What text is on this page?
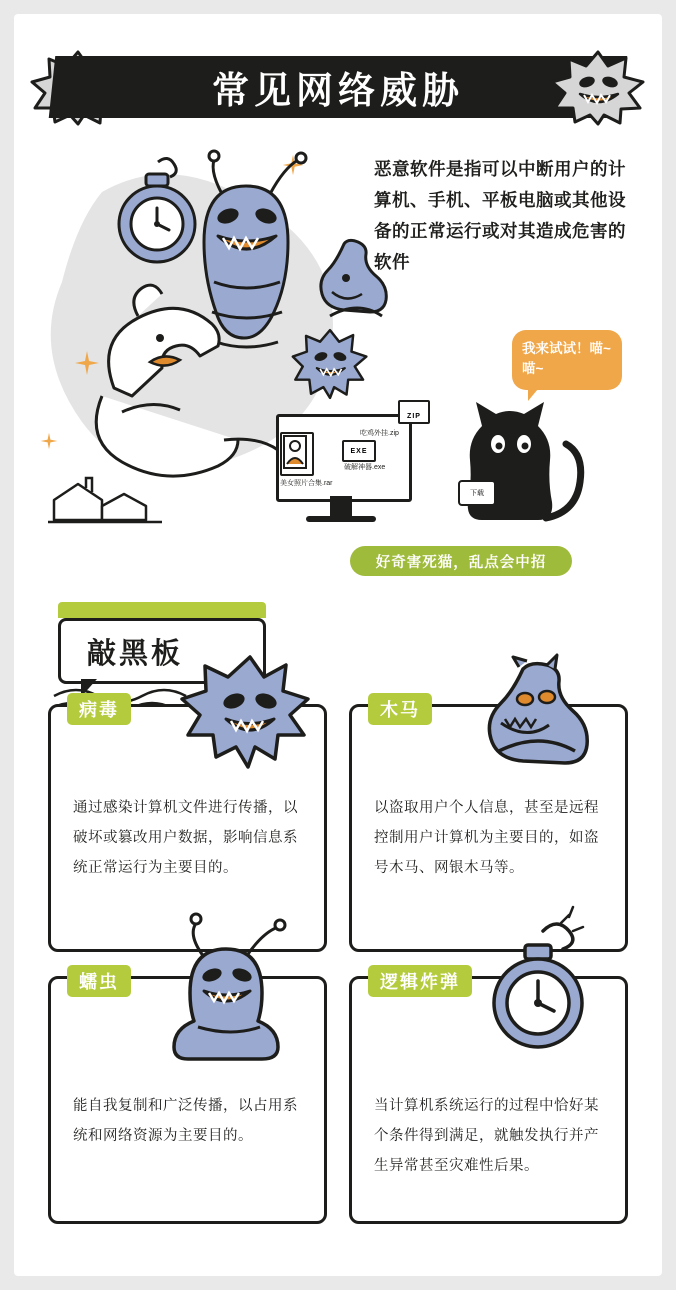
常见网络威胁
恶意软件是指可以中断用户的计算机、手机、平板电脑或其他设备的正常运行或对其造成危害的软件
我来试试！喵~喵~
EXE
ZIP
吃鸡外挂.zip
破解神器.exe
美女照片合集.rar
下载
好奇害死猫，乱点会中招
敲黑板
病毒
通过感染计算机文件进行传播，以破坏或篡改用户数据，影响信息系统正常运行为主要目的。
木马
以盗取用户个人信息，甚至是远程控制用户计算机为主要目的，如盗号木马、网银木马等。
蠕虫
能自我复制和广泛传播，以占用系统和网络资源为主要目的。
逻辑炸弹
当计算机系统运行的过程中恰好某个条件得到满足，就触发执行并产生异常甚至灾难性后果。
